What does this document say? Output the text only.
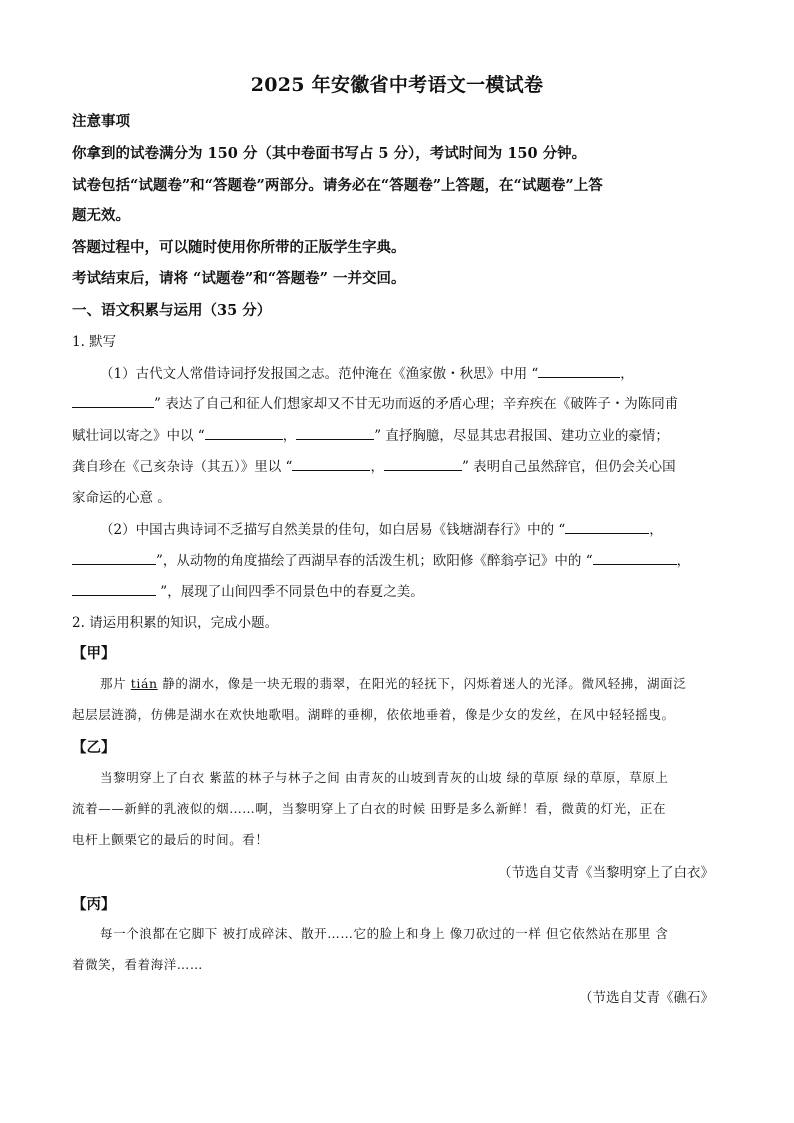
2025 年安徽省中考语文一模试卷
注意事项
你拿到的试卷满分为 150 分（其中卷面书写占 5 分），考试时间为 150 分钟。
试卷包括“试题卷”和“答题卷”两部分。请务必在“答题卷”上答题，在“试题卷”上答
题无效。
答题过程中，可以随时使用你所带的正版学生字典。
考试结束后，请将 “试题卷”和“答题卷” 一并交回。
一、语文积累与运用（35 分）
1. 默写
（1）古代文人常借诗词抒发报国之志。范仲淹在《渔家傲・秋思》中用 “	，
” 表达了自己和征人们想家却又不甘无功而返的矛盾心理；辛弃疾在《破阵子・为陈同甫
赋壮词以寄之》中以 “	，	” 直抒胸臆，尽显其忠君报国、建功立业的豪情；
龚自珍在《己亥杂诗（其五）》里以 “	，	” 表明自己虽然辞官，但仍会关心国
家命运的心意 。
（2）中国古典诗词不乏描写自然美景的佳句，如白居易《钱塘湖春行》中的 “	，
”，从动物的角度描绘了西湖早春的活泼生机；欧阳修《醉翁亭记》中的 “	，
”，展现了山间四季不同景色中的春夏之美。
2. 请运用积累的知识，完成小题。
【甲】
那片 tián 静的湖水，像是一块无瑕的翡翠，在阳光的轻抚下，闪烁着迷人的光泽。微风轻拂，湖面泛
起层层涟漪，仿佛是湖水在欢快地歌唱。湖畔的垂柳，依依地垂着，像是少女的发丝，在风中轻轻摇曳。
【乙】
当黎明穿上了白衣 紫蓝的林子与林子之间 由青灰的山坡到青灰的山坡 绿的草原 绿的草原，草原上
流着——新鲜的乳液似的烟……啊，当黎明穿上了白衣的时候 田野是多么新鲜！看，微黄的灯光，正在
电杆上颤栗它的最后的时间。看！
（节选自艾青《当黎明穿上了白衣》
【丙】
每一个浪都在它脚下 被打成碎沫、散开……它的脸上和身上 像刀砍过的一样 但它依然站在那里 含
着微笑，看着海洋……
（节选自艾青《礁石》
